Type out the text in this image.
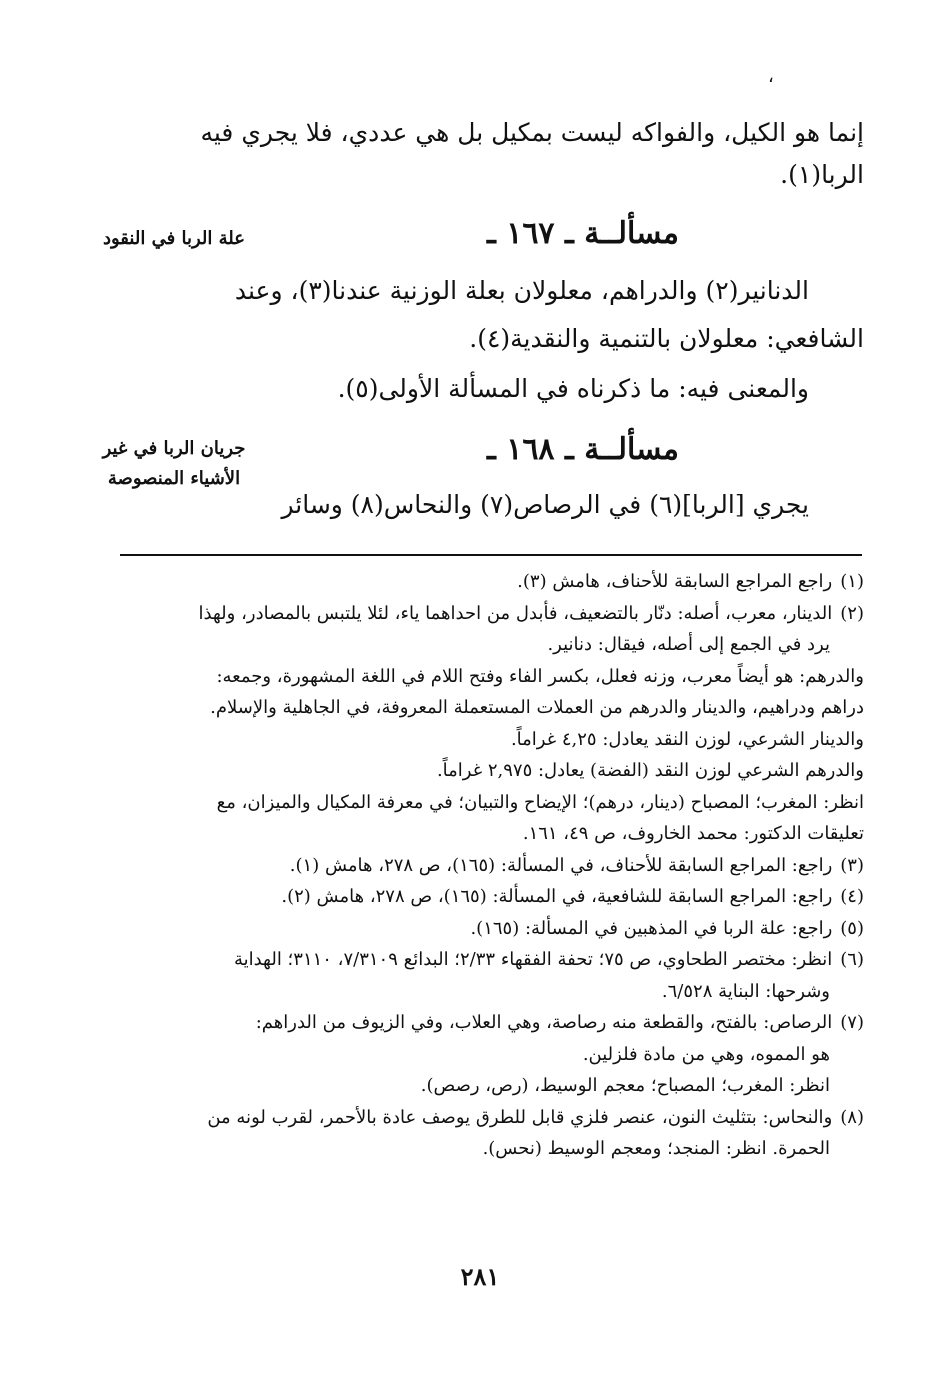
،
إنما هو الكيل، والفواكه ليست بمكيل بل هي عددي، فلا يجري فيه
الربا(١).
علة الربا في النقود	مسألــة ـ ١٦٧ ـ
الدنانير(٢) والدراهم، معلولان بعلة الوزنية عندنا(٣)، وعند
الشافعي: معلولان بالتنمية والنقدية(٤).
والمعنى فيه: ما ذكرناه في المسألة الأولى(٥).
جريان الربا في غير
الأشياء المنصوصة
مسألــة ـ ١٦٨ ـ
يجري [الربا](٦) في الرصاص(٧) والنحاس(٨) وسائر
(١)راجع المراجع السابقة للأحناف، هامش (٣).
(٢)الدينار، معرب، أصله: دنّار بالتضعيف، فأبدل من احداهما ياء، لئلا يلتبس بالمصادر، ولهذا
يرد في الجمع إلى أصله، فيقال: دنانير.
والدرهم: هو أيضاً معرب، وزنه فعلل، بكسر الفاء وفتح اللام في اللغة المشهورة، وجمعه:
دراهم ودراهيم، والدينار والدرهم من العملات المستعملة المعروفة، في الجاهلية والإسلام.
والدينار الشرعي، لوزن النقد يعادل: ٤,٢٥ غراماً.
والدرهم الشرعي لوزن النقد (الفضة) يعادل: ٢,٩٧٥ غراماً.
انظر: المغرب؛ المصباح (دينار، درهم)؛ الإيضاح والتبيان؛ في معرفة المكيال والميزان، مع
تعليقات الدكتور: محمد الخاروف، ص ٤٩، ١٦١.
(٣)راجع: المراجع السابقة للأحناف، في المسألة: (١٦٥)، ص ٢٧٨، هامش (١).
(٤)راجع: المراجع السابقة للشافعية، في المسألة: (١٦٥)، ص ٢٧٨، هامش (٢).
(٥)راجع: علة الربا في المذهبين في المسألة: (١٦٥).
(٦)انظر: مختصر الطحاوي، ص ٧٥؛ تحفة الفقهاء ٢/٣٣؛ البدائع ٧/٣١٠٩، ٣١١٠؛ الهداية
وشرحها: البناية ٦/٥٢٨.
(٧)الرصاص: بالفتح، والقطعة منه رصاصة، وهي العلاب، وفي الزيوف من الدراهم:
هو المموه، وهي من مادة فلزلين.
انظر: المغرب؛ المصباح؛ معجم الوسيط، (رص، رصص).
(٨)والنحاس: بتثليث النون، عنصر فلزي قابل للطرق يوصف عادة بالأحمر، لقرب لونه من
الحمرة. انظر: المنجد؛ ومعجم الوسيط (نحس).
٢٨١
